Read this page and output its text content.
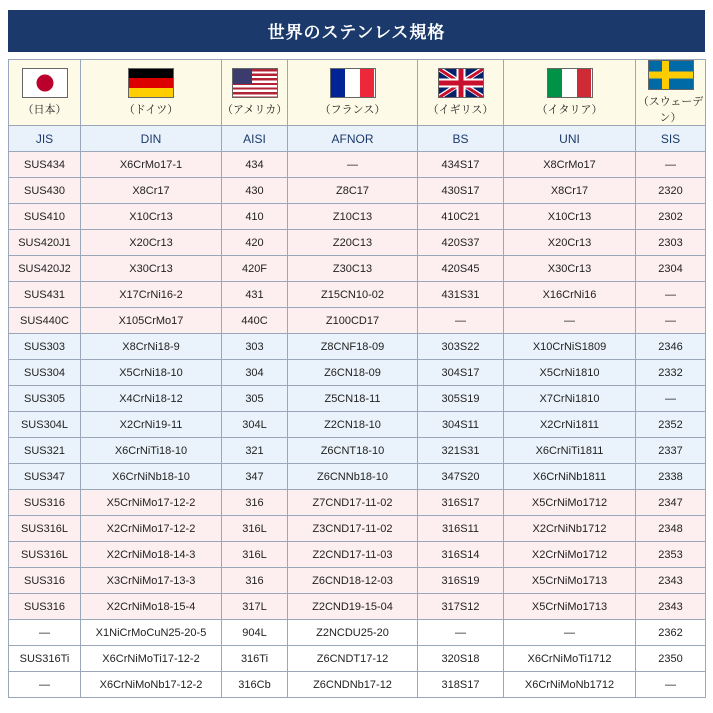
世界のステンレス規格
（日本）	（ドイツ）	（アメリカ）	（フランス）	（イギリス）	（イタリア）	（スウェーデン）

JIS	DIN	AISI	AFNOR	BS	UNI	SIS
SUS434	X6CrMo17-1	434	—	434S17	X8CrMo17	—
SUS430	X8Cr17	430	Z8C17	430S17	X8Cr17	2320
SUS410	X10Cr13	410	Z10C13	410C21	X10Cr13	2302
SUS420J1	X20Cr13	420	Z20C13	420S37	X20Cr13	2303
SUS420J2	X30Cr13	420F	Z30C13	420S45	X30Cr13	2304
SUS431	X17CrNi16-2	431	Z15CN10-02	431S31	X16CrNi16	—
SUS440C	X105CrMo17	440C	Z100CD17	—	—	—
SUS303	X8CrNi18-9	303	Z8CNF18-09	303S22	X10CrNiS1809	2346
SUS304	X5CrNi18-10	304	Z6CN18-09	304S17	X5CrNi1810	2332
SUS305	X4CrNi18-12	305	Z5CN18-11	305S19	X7CrNi1810	—
SUS304L	X2CrNi19-11	304L	Z2CN18-10	304S11	X2CrNi1811	2352
SUS321	X6CrNiTi18-10	321	Z6CNT18-10	321S31	X6CrNiTi1811	2337
SUS347	X6CrNiNb18-10	347	Z6CNNb18-10	347S20	X6CrNiNb1811	2338
SUS316	X5CrNiMo17-12-2	316	Z7CND17-11-02	316S17	X5CrNiMo1712	2347
SUS316L	X2CrNiMo17-12-2	316L	Z3CND17-11-02	316S11	X2CrNiNb1712	2348
SUS316L	X2CrNiMo18-14-3	316L	Z2CND17-11-03	316S14	X2CrNiMo1712	2353
SUS316	X3CrNiMo17-13-3	316	Z6CND18-12-03	316S19	X5CrNiMo1713	2343
SUS316	X2CrNiMo18-15-4	317L	Z2CND19-15-04	317S12	X5CrNiMo1713	2343
—	X1NiCrMoCuN25-20-5	904L	Z2NCDU25-20	—	—	2362
SUS316Ti	X6CrNiMoTi17-12-2	316Ti	Z6CNDT17-12	320S18	X6CrNiMoTi1712	2350
—	X6CrNiMoNb17-12-2	316Cb	Z6CNDNb17-12	318S17	X6CrNiMoNb1712	—
